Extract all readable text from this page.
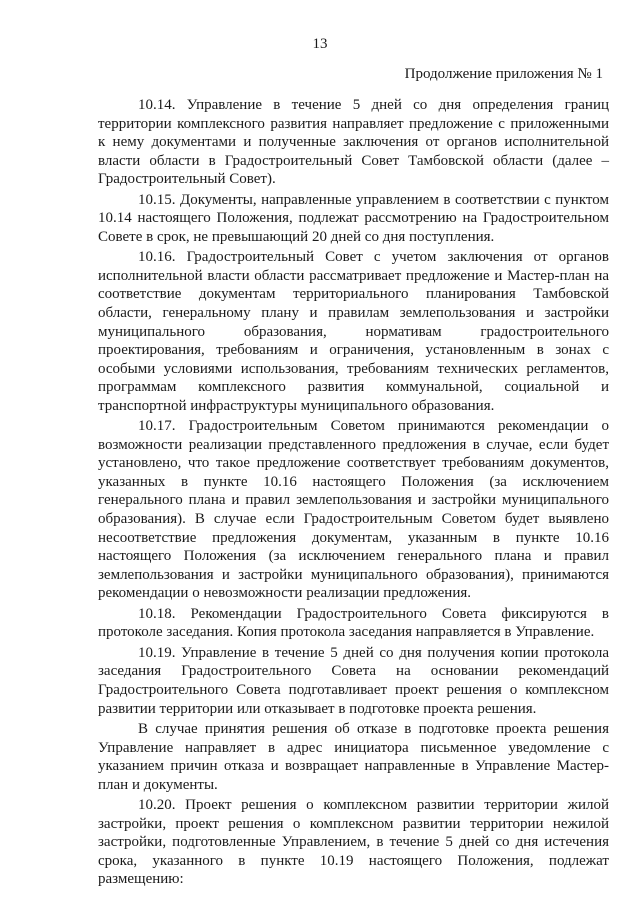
13
Продолжение приложения № 1

10.14. Управление в течение 5 дней со дня определения границ территории комплексного развития направляет предложение с приложенными к нему документами и полученные заключения от органов исполнительной власти области в Градостроительный Совет Тамбовской области (далее – Градостроительный Совет).

10.15. Документы, направленные управлением в соответствии с пунктом 10.14 настоящего Положения, подлежат рассмотрению на Градостроительном Совете в срок, не превышающий 20 дней со дня поступления.

10.16. Градостроительный Совет с учетом заключения от органов исполнительной власти области рассматривает предложение и Мастер-план на соответствие документам территориального планирования Тамбовской области, генеральному плану и правилам землепользования и застройки муниципального образования, нормативам градостроительного проектирования, требованиям и ограничения, установленным в зонах с особыми условиями использования, требованиям технических регламентов, программам комплексного развития коммунальной, социальной и транспортной инфраструктуры муниципального образования.

10.17. Градостроительным Советом принимаются рекомендации о возможности реализации представленного предложения в случае, если будет установлено, что такое предложение соответствует требованиям документов, указанных в пункте 10.16 настоящего Положения (за исключением генерального плана и правил землепользования и застройки муниципального образования). В случае если Градостроительным Советом будет выявлено несоответствие предложения документам, указанным в пункте 10.16 настоящего Положения (за исключением генерального плана и правил землепользования и застройки муниципального образования), принимаются рекомендации о невозможности реализации предложения.

10.18. Рекомендации Градостроительного Совета фиксируются в протоколе заседания. Копия протокола заседания направляется в Управление.

10.19. Управление в течение 5 дней со дня получения копии протокола заседания Градостроительного Совета на основании рекомендаций Градостроительного Совета подготавливает проект решения о комплексном развитии территории или отказывает в подготовке проекта решения.

В случае принятия решения об отказе в подготовке проекта решения Управление направляет в адрес инициатора письменное уведомление с указанием причин отказа и возвращает направленные в Управление Мастер-план и документы.

10.20. Проект решения о комплексном развитии территории жилой застройки, проект решения о комплексном развитии территории нежилой застройки, подготовленные Управлением, в течение 5 дней со дня истечения срока, указанного в пункте 10.19 настоящего Положения, подлежат размещению:
